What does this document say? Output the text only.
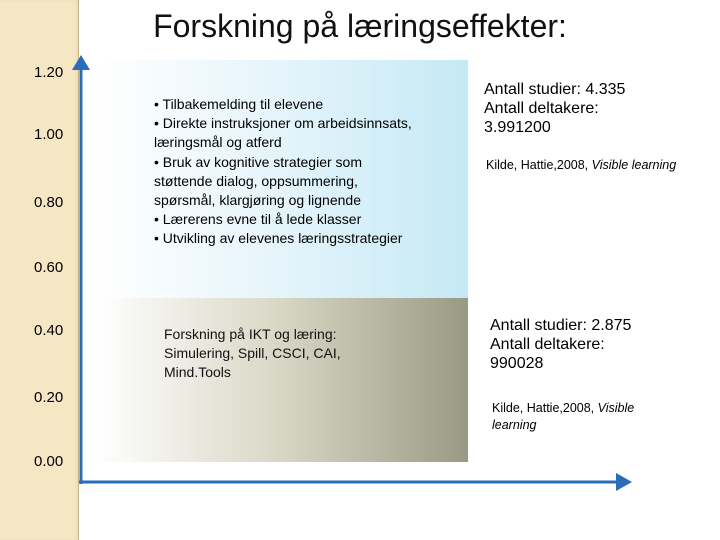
Forskning på læringseffekter:
1.20
1.00
0.80
0.60
0.40
0.20
0.00
• Tilbakemelding til elevene
• Direkte instruksjoner om arbeidsinnsats,
læringsmål og atferd
• Bruk av kognitive strategier som
støttende dialog, oppsummering,
spørsmål, klargjøring og lignende
• Lærerens evne til å lede klasser
• Utvikling av elevenes læringsstrategier
Forskning på IKT og læring:
Simulering, Spill, CSCI, CAI,
Mind.Tools
Antall studier: 4.335
Antall deltakere:
3.991200
Kilde, Hattie,2008, Visible learning
Antall studier: 2.875
Antall deltakere:
990028
Kilde, Hattie,2008, Visible learning
